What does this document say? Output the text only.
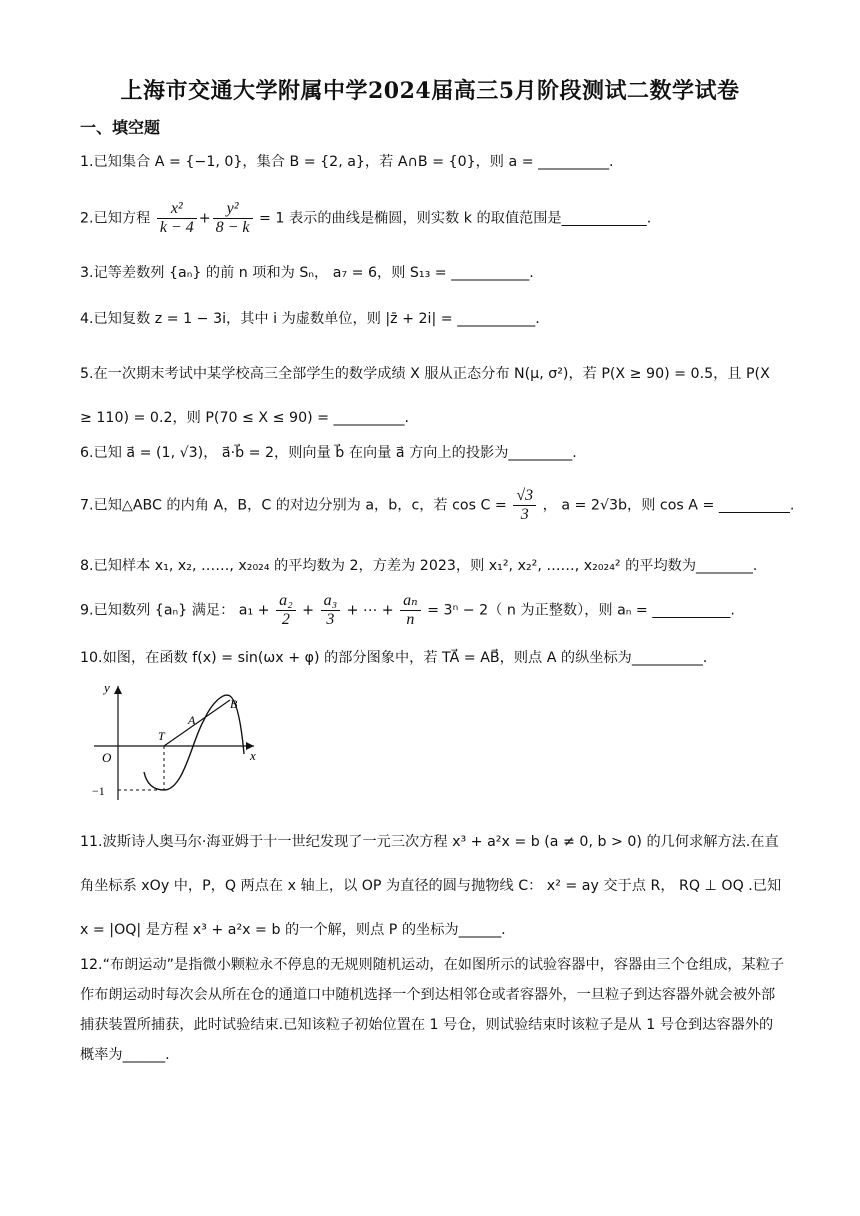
上海市交通大学附属中学2024届高三5月阶段测试二数学试卷
一、填空题
1.已知集合 A = {−1, 0}，集合 B = {2, a}，若 A∩B = {0}，则 a = __________.
2.已知方程 $\frac{\text{x²}}{k - 4} + \frac{\text{y²}}{8 - k} = 1$ 表示的曲线是椭圆，则实数 k 的取值范围是____________.
3.记等差数列 {aₙ} 的前 n 项和为 Sₙ， a₇ = 6，则 S₁₃ = ___________.
4.已知复数 z = 1 − 3i，其中 i 为虚数单位，则 |z̄ + 2i| = ___________.
5.在一次期末考试中某学校高三全部学生的数学成绩 X 服从正态分布 N(μ, σ²)，若 P(X ≥ 90) = 0.5，且 P(X ≥ 110) = 0.2，则 P(70 ≤ X ≤ 90) = __________.
6.已知 a⃗ = (1, √3)， a⃗·b⃗ = 2，则向量 b⃗ 在向量 a⃗ 方向上的投影为_________.
7.已知△ABC 的内角 A，B，C 的对边分别为 a，b，c，若 $\cos C = \frac{√3}{3}$ ， a = 2√3b，则 cos A = __________.
8.已知样本 x₁, x₂, ……, x₂₀₂₄ 的平均数为 2，方差为 2023，则 x₁², x₂², ……, x₂₀₂₄² 的平均数为________.
9.已知数列 {aₙ} 满足： $a_1 + \frac{\text{a₂}}{2} + \frac{\text{a₃}}{3}$ + ⋯ + $\frac{\text{aₙ}}{n} = 3^n - 2$（ n 为正整数），则 aₙ = ___________.
10.如图，在函数 f(x) = sin(ωx + φ) 的部分图象中，若 TA⃗ = AB⃗，则点 A 的纵坐标为__________.
y
x
O
−1
T
A
B
11.波斯诗人奥马尔·海亚姆于十一世纪发现了一元三次方程 x³ + a²x = b (a ≠ 0, b > 0) 的几何求解方法.在直角坐标系 xOy 中，P，Q 两点在 x 轴上，以 OP 为直径的圆与抛物线 C： x² = ay 交于点 R， RQ ⊥ OQ .已知 x = |OQ| 是方程 x³ + a²x = b 的一个解，则点 P 的坐标为______.
12.“布朗运动”是指微小颗粒永不停息的无规则随机运动，在如图所示的试验容器中，容器由三个仓组成，某粒子作布朗运动时每次会从所在仓的通道口中随机选择一个到达相邻仓或者容器外，一旦粒子到达容器外就会被外部捕获装置所捕获，此时试验结束.已知该粒子初始位置在 1 号仓，则试验结束时该粒子是从 1 号仓到达容器外的概率为______.
